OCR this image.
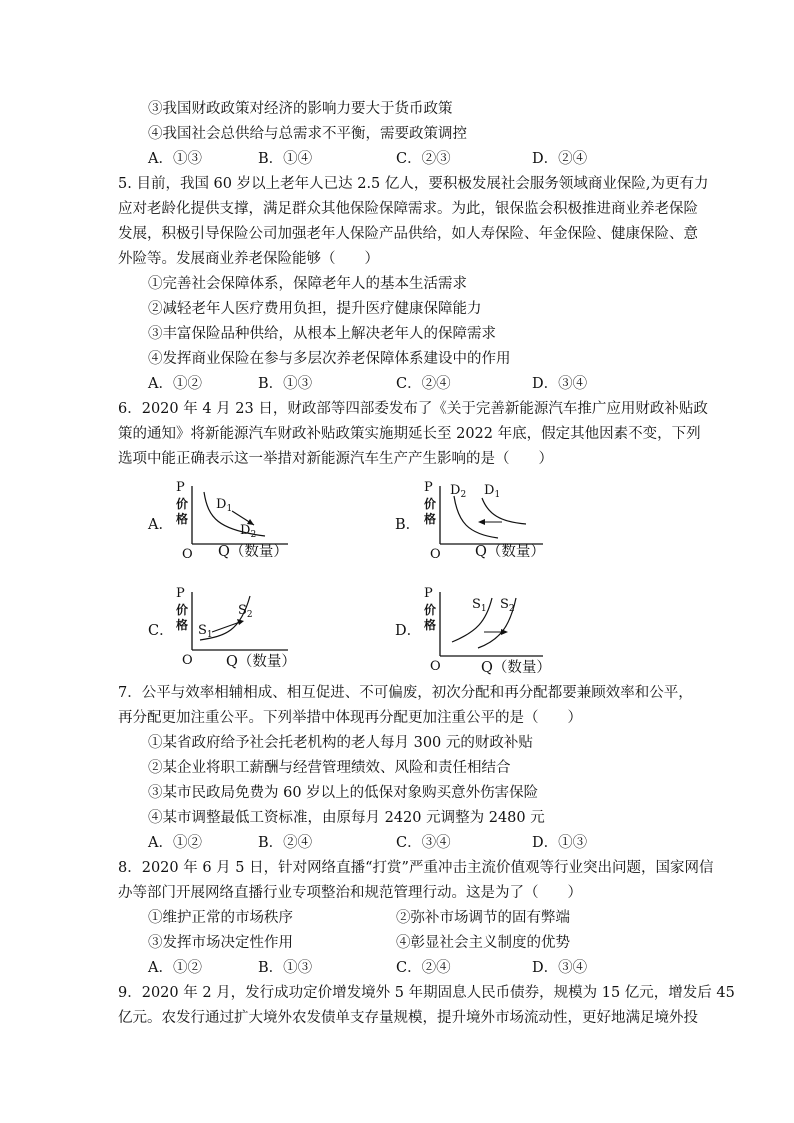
③我国财政政策对经济的影响力要大于货币政策
④我国社会总供给与总需求不平衡，需要政策调控
A．①③	B．①④	C．②③	D．②④
5. 目前，我国 60 岁以上老年人已达 2.5 亿人，要积极发展社会服务领域商业保险,为更有力
应对老龄化提供支撑，满足群众其他保险保障需求。为此，银保监会积极推进商业养老保险
发展，积极引导保险公司加强老年人保险产品供给，如人寿保险、年金保险、健康保险、意
外险等。发展商业养老保险能够（　　）
①完善社会保障体系，保障老年人的基本生活需求
②减轻老年人医疗费用负担，提升医疗健康保障能力
③丰富保险品种供给，从根本上解决老年人的保障需求
④发挥商业保险在参与多层次养老保障体系建设中的作用
A．①②	B．①③	C．②④	D．③④
6．2020 年 4 月 23 日，财政部等四部委发布了《关于完善新能源汽车推广应用财政补贴政
策的通知》将新能源汽车财政补贴政策实施期延长至 2022 年底，假定其他因素不变，下列
选项中能正确表示这一举措对新能源汽车生产产生影响的是（　　）
A．
P
价
格
O
$D_1$
$D_2$
Q（数量）
B．
P
价
格
O
$D_2$ $D_1$
Q（数量）
C．
P
价
格
O
$S_1$
$S_2$
Q（数量）
D．
P
价
格
O
$S_1$ $S_2$
Q（数量）
7．公平与效率相辅相成、相互促进、不可偏废，初次分配和再分配都要兼顾效率和公平，
再分配更加注重公平。下列举措中体现再分配更加注重公平的是（　　）
①某省政府给予社会托老机构的老人每月 300 元的财政补贴
②某企业将职工薪酬与经营管理绩效、风险和责任相结合
③某市民政局免费为 60 岁以上的低保对象购买意外伤害保险
④某市调整最低工资标准，由原每月 2420 元调整为 2480 元
A．①②	B．②④	C．③④	D．①③
8．2020 年 6 月 5 日，针对网络直播“打赏”严重冲击主流价值观等行业突出问题，国家网信
办等部门开展网络直播行业专项整治和规范管理行动。这是为了（　　）
①维护正常的市场秩序	②弥补市场调节的固有弊端
③发挥市场决定性作用	④彰显社会主义制度的优势
A．①②	B．①③	C．②④	D．③④
9．2020 年 2 月，发行成功定价增发境外 5 年期固息人民币债券，规模为 15 亿元，增发后 45
亿元。农发行通过扩大境外农发债单支存量规模，提升境外市场流动性，更好地满足境外投
